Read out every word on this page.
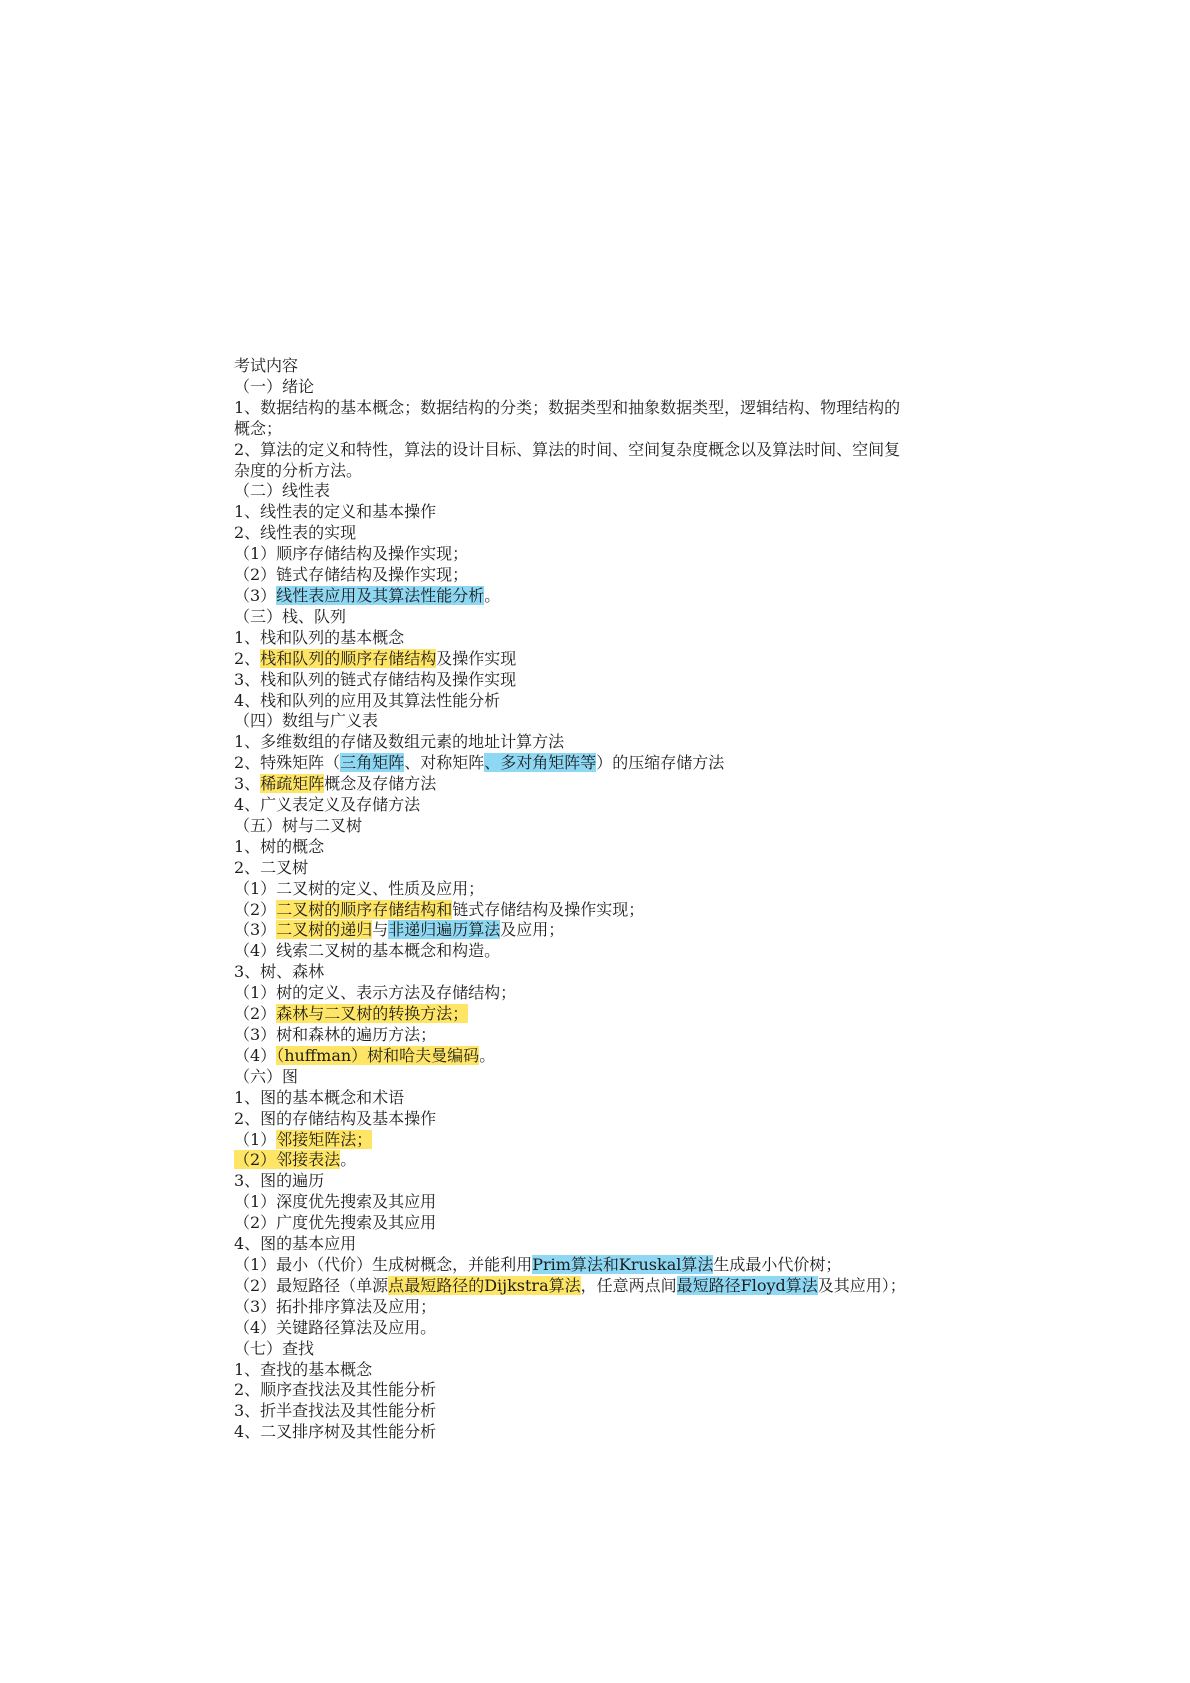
考试内容
（一）绪论
1、数据结构的基本概念；数据结构的分类；数据类型和抽象数据类型，逻辑结构、物理结构的
概念；
2、算法的定义和特性，算法的设计目标、算法的时间、空间复杂度概念以及算法时间、空间复
杂度的分析方法。
（二）线性表
1、线性表的定义和基本操作
2、线性表的实现
（1）顺序存储结构及操作实现；
（2）链式存储结构及操作实现；
（3）线性表应用及其算法性能分析。
（三）栈、队列
1、栈和队列的基本概念
2、栈和队列的顺序存储结构及操作实现
3、栈和队列的链式存储结构及操作实现
4、栈和队列的应用及其算法性能分析
（四）数组与广义表
1、多维数组的存储及数组元素的地址计算方法
2、特殊矩阵（三角矩阵、对称矩阵、多对角矩阵等）的压缩存储方法
3、稀疏矩阵概念及存储方法
4、广义表定义及存储方法
（五）树与二叉树
1、树的概念
2、二叉树
（1）二叉树的定义、性质及应用；
（2）二叉树的顺序存储结构和链式存储结构及操作实现；
（3）二叉树的递归与非递归遍历算法及应用；
（4）线索二叉树的基本概念和构造。
3、树、森林
（1）树的定义、表示方法及存储结构；
（2）森林与二叉树的转换方法；
（3）树和森林的遍历方法；
（4）（huffman）树和哈夫曼编码。
（六）图
1、图的基本概念和术语
2、图的存储结构及基本操作
（1）邻接矩阵法；
（2）邻接表法。
3、图的遍历
（1）深度优先搜索及其应用
（2）广度优先搜索及其应用
4、图的基本应用
（1）最小（代价）生成树概念，并能利用Prim算法和Kruskal算法生成最小代价树；
（2）最短路径（单源点最短路径的Dijkstra算法，任意两点间最短路径Floyd算法及其应用）；
（3）拓扑排序算法及应用；
（4）关键路径算法及应用。
（七）查找
1、查找的基本概念
2、顺序查找法及其性能分析
3、折半查找法及其性能分析
4、二叉排序树及其性能分析
